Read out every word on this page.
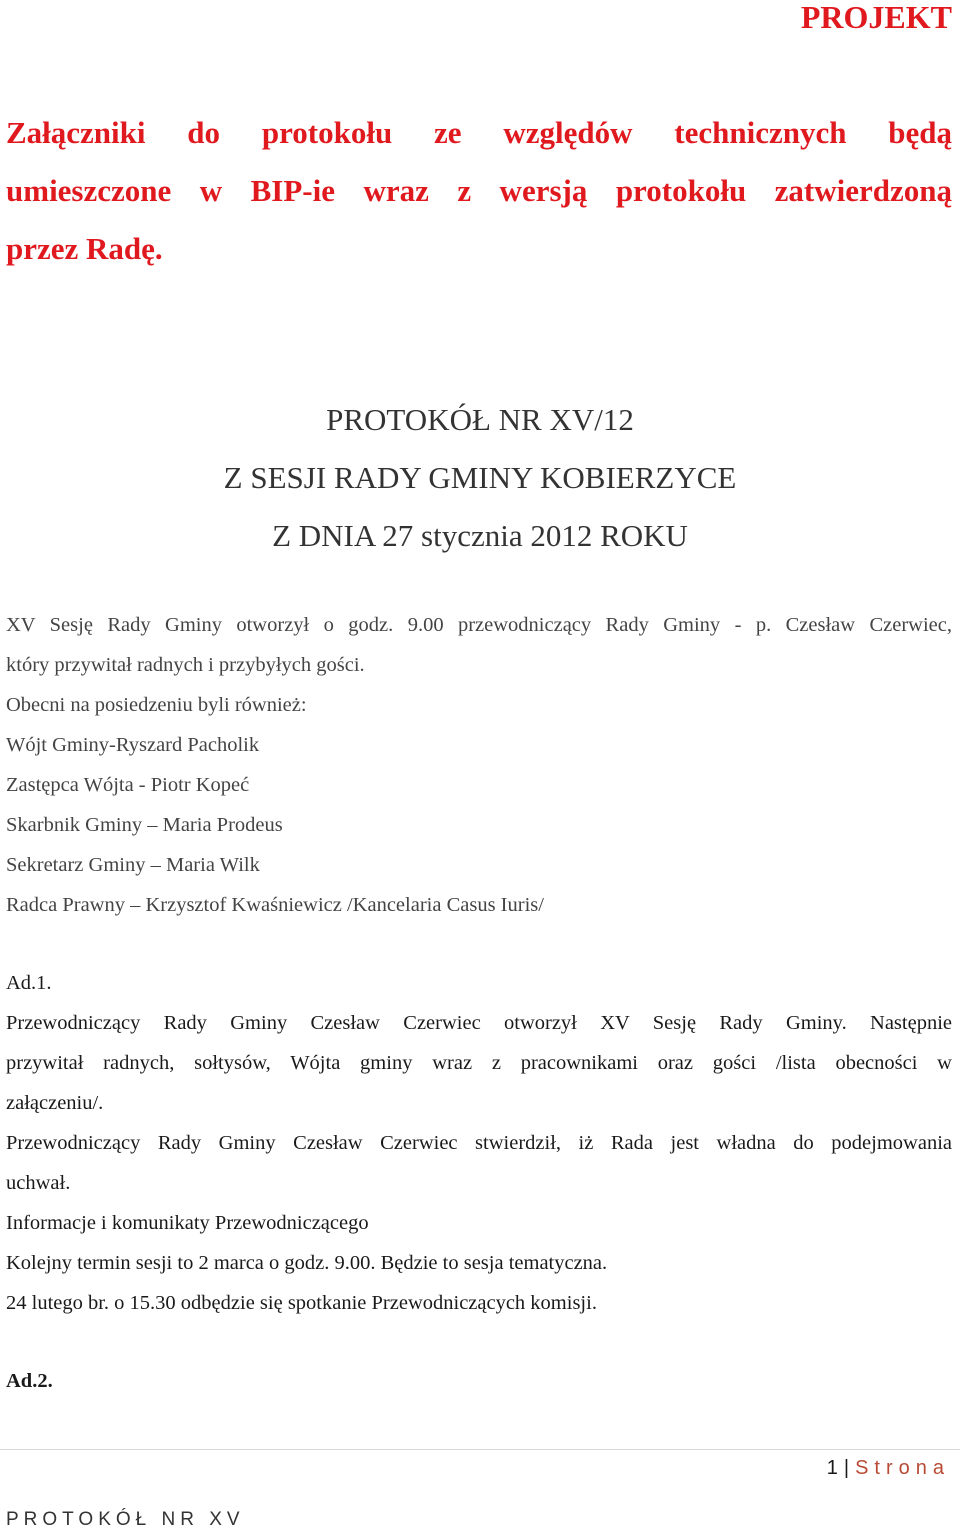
PROJEKT
Załączniki do protokołu ze względów technicznych będą
umieszczone w BIP-ie wraz z wersją protokołu zatwierdzoną
przez Radę.
PROTOKÓŁ NR XV/12
Z SESJI RADY GMINY KOBIERZYCE
Z DNIA 27 stycznia 2012 ROKU
XV Sesję Rady Gminy otworzył o godz. 9.00 przewodniczący Rady Gminy - p. Czesław Czerwiec,
który przywitał radnych i przybyłych gości.
Obecni na posiedzeniu byli również:
Wójt Gminy-Ryszard Pacholik
Zastępca Wójta - Piotr Kopeć
Skarbnik Gminy – Maria Prodeus
Sekretarz Gminy – Maria Wilk
Radca Prawny – Krzysztof Kwaśniewicz /Kancelaria Casus Iuris/
Ad.1.
Przewodniczący Rady Gminy Czesław Czerwiec otworzył XV Sesję Rady Gminy. Następnie
przywitał radnych, sołtysów, Wójta gminy wraz z pracownikami oraz gości /lista obecności w
załączeniu/.
Przewodniczący Rady Gminy Czesław Czerwiec stwierdził, iż Rada jest władna do podejmowania
uchwał.
Informacje i komunikaty Przewodniczącego
Kolejny termin sesji to 2 marca o godz. 9.00. Będzie to sesja tematyczna.
24 lutego br. o 15.30 odbędzie się spotkanie Przewodniczących komisji.
Ad.2.
1 | Strona
PROTOKÓŁ NR XV
